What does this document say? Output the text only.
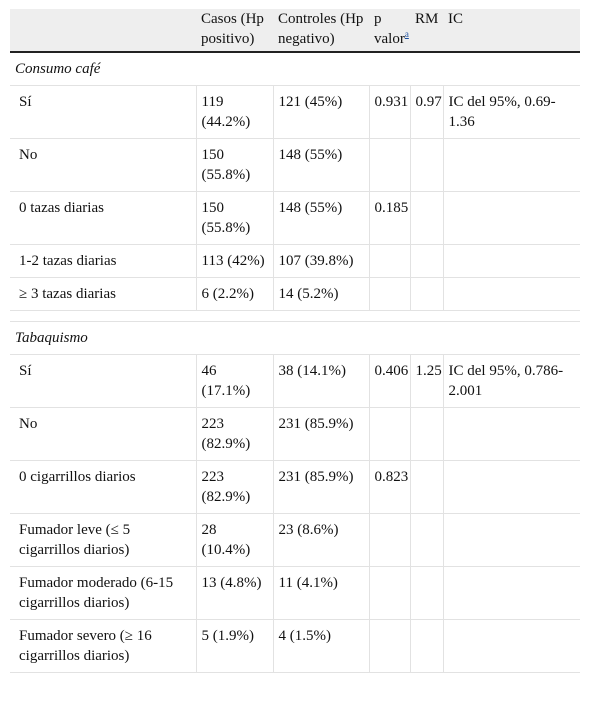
	Casos (Hp positivo)	Controles (Hp negativo)	p valor$^a$	RM	IC
Consumo café					
Sí	119 (44.2%)	121 (45%)	0.931	0.97	IC del 95%, 0.69-1.36
No	150 (55.8%)	148 (55%)			
0 tazas diarias	150 (55.8%)	148 (55%)	0.185		
1-2 tazas diarias	113 (42%)	107 (39.8%)			
≥ 3 tazas diarias	6 (2.2%)	14 (5.2%)			

Tabaquismo					
Sí	46 (17.1%)	38 (14.1%)	0.406	1.25	IC del 95%, 0.786-2.001
No	223 (82.9%)	231 (85.9%)			
0 cigarrillos diarios	223 (82.9%)	231 (85.9%)	0.823		
Fumador leve (≤ 5 cigarrillos diarios)	28 (10.4%)	23 (8.6%)			
Fumador moderado (6-15 cigarrillos diarios)	13 (4.8%)	11 (4.1%)			
Fumador severo (≥ 16 cigarrillos diarios)	5 (1.9%)	4 (1.5%)			
